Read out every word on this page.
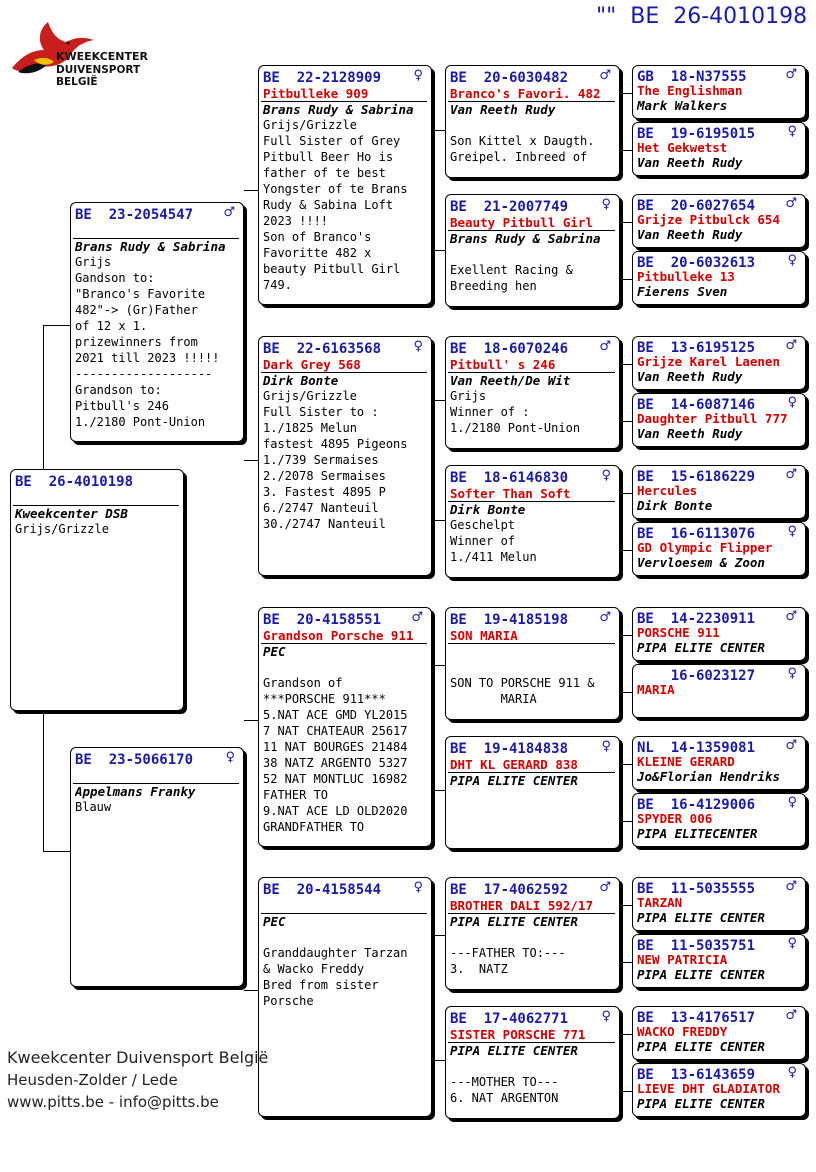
""  BE  26-4010198
KWEEKCENTER
DUIVENSPORT BELGIË
BE  26-4010198
Kweekcenter DSB
Grijs/Grizzle
BE  23-2054547 ♂
Brans Rudy & Sabrina
Grijs
Gandson to:
"Branco's Favorite
482"-> (Gr)Father
of 12 x 1.
prizewinners from
2021 till 2023 !!!!!
-------------------
Grandson to:
Pitbull's 246
1./2180 Pont-Union
BE  23-5066170 ♀
Appelmans Franky
Blauw
BE  22-2128909 ♀
Pitbulleke 909
Brans Rudy & Sabrina
Grijs/Grizzle
Full Sister of Grey
Pitbull Beer Ho is
father of te best
Yongster of te Brans
Rudy & Sabina Loft
2023 !!!!
Son of Branco's
Favoritte 482 x
beauty Pitbull Girl
749.
BE  22-6163568 ♀
Dark Grey 568
Dirk Bonte
Grijs/Grizzle
Full Sister to :
1./1825 Melun
fastest 4895 Pigeons
1./739 Sermaises
2./2078 Sermaises
3. Fastest 4895 P
6./2747 Nanteuil
30./2747 Nanteuil
BE  20-4158551 ♂
Grandson Porsche 911
PEC

Grandson of
***PORSCHE 911***
5.NAT ACE GMD YL2015
7 NAT CHATEAUR 25617
11 NAT BOURGES 21484
38 NATZ ARGENTO 5327
52 NAT MONTLUC 16982
FATHER TO
9.NAT ACE LD OLD2020
GRANDFATHER TO
BE  20-4158544 ♀
PEC

Granddaughter Tarzan
& Wacko Freddy
Bred from sister
Porsche
BE  20-6030482 ♂
Branco's Favori. 482
Van Reeth Rudy

Son Kittel x Daugth.
Greipel. Inbreed of
BE  21-2007749	♀
Beauty Pitbull Girl
Brans Rudy & Sabrina

Exellent Racing &
Breeding hen
BE  18-6070246 ♂
Pitbull' s 246
Van Reeth/De Wit
Grijs
Winner of :
1./2180 Pont-Union
BE  18-6146830	♀
Softer Than Soft
Dirk Bonte
Geschelpt
Winner of
1./411 Melun
BE  19-4185198 ♂
SON MARIA

SON TO PORSCHE 911 &
MARIA
BE  19-4184838	♀
DHT KL GERARD 838
PIPA ELITE CENTER
BE  17-4062592 ♂
BROTHER DALI 592/17
PIPA ELITE CENTER

---FATHER TO:---
3.  NATZ
BE  17-4062771	♀
SISTER PORSCHE 771
PIPA ELITE CENTER

---MOTHER TO---
6. NAT ARGENTON
GB  18-N37555	♂
The Englishman
Mark Walkers
BE  19-6195015 ♀
Het Gekwetst
Van Reeth Rudy
BE  20-6027654 ♂
Grijze Pitbulck 654
Van Reeth Rudy
BE  20-6032613 ♀
Pitbulleke 13
Fierens Sven
BE  13-6195125 ♂
Grijze Karel Laenen
Van Reeth Rudy
BE  14-6087146 ♀
Daughter Pitbull 777
Van Reeth Rudy
BE  15-6186229 ♂
Hercules
Dirk Bonte
BE  16-6113076 ♀
GD Olympic Flipper
Vervloesem & Zoon
BE  14-2230911 ♂
PORSCHE 911
PIPA ELITE CENTER
16-6023127 ♀
MARIA
NL  14-1359081 ♂
KLEINE GERARD
Jo&Florian Hendriks
BE  16-4129006 ♀
SPYDER 006
PIPA ELITECENTER
BE  11-5035555 ♂
TARZAN
PIPA ELITE CENTER
BE  11-5035751 ♀
NEW PATRICIA
PIPA ELITE CENTER
BE  13-4176517 ♂
WACKO FREDDY
PIPA ELITE CENTER
BE  13-6143659 ♀
LIEVE DHT GLADIATOR
PIPA ELITE CENTER
Kweekcenter Duivensport België
Heusden-Zolder / Lede
www.pitts.be - info@pitts.be
